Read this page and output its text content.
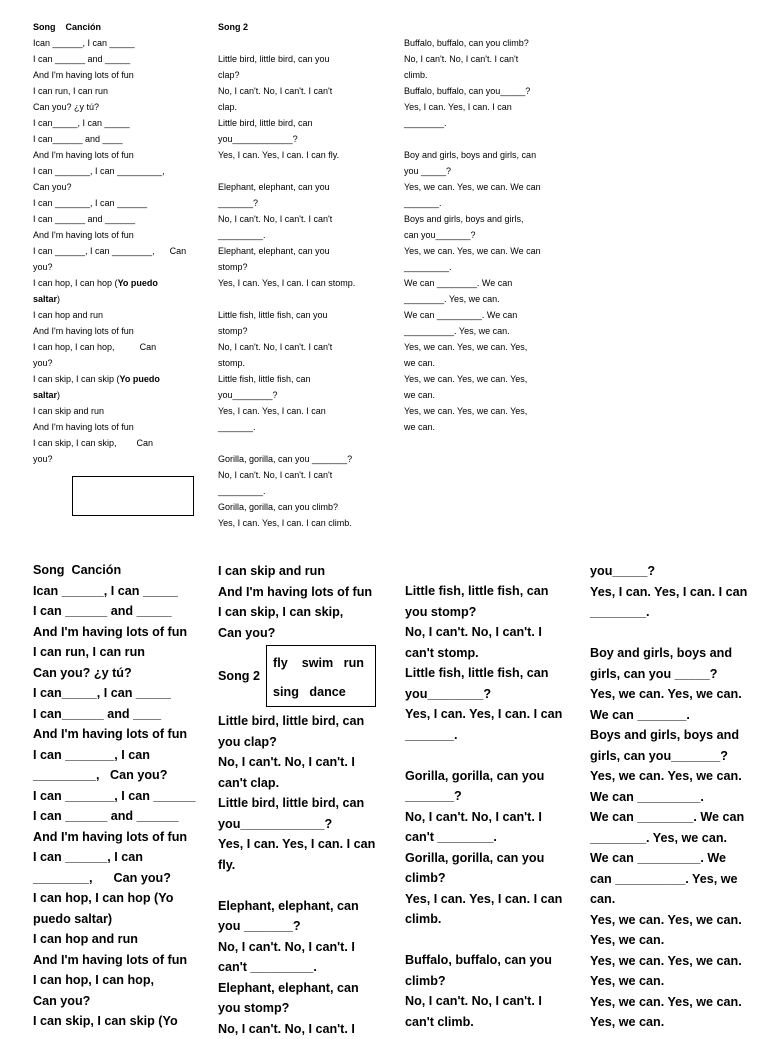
Song    Canción
Ican ______, I can _____
I can ______ and _____
And I'm having lots of fun
I can run, I can run
Can you? ¿y tú?
I can_____, I can _____
I can______ and ____
And I'm having lots of fun
I can _______, I can _________,
Can you?
I can _______, I can ______
I can ______ and ______
And I'm having lots of fun
I can ______, I can ________,      Can
you?
I can hop, I can hop (Yo puedo
saltar)
I can hop and run
And I'm having lots of fun
I can hop, I can hop,          Can
you?
I can skip, I can skip (Yo puedo
saltar)
I can skip and run
And I'm having lots of fun
I can skip, I can skip,        Can
you?
Song 2
Little bird, little bird, can you
clap?
No, I can't. No, I can't. I can't
clap.
Little bird, little bird, can
you____________?
Yes, I can. Yes, I can. I can fly.
Elephant, elephant, can you
_______?
No, I can't. No, I can't. I can't
_________.
Elephant, elephant, can you
stomp?
Yes, I can. Yes, I can. I can stomp.
Little fish, little fish, can you
stomp?
No, I can't. No, I can't. I can't
stomp.
Little fish, little fish, can
you________?
Yes, I can. Yes, I can. I can
_______.
Gorilla, gorilla, can you _______?
No, I can't. No, I can't. I can't
_________.
Gorilla, gorilla, can you climb?
Yes, I can. Yes, I can. I can climb.
Buffalo, buffalo, can you climb?
No, I can't. No, I can't. I can't
climb.
Buffalo, buffalo, can you_____?
Yes, I can. Yes, I can. I can
________.
Boy and girls, boys and girls, can
you _____?
Yes, we can. Yes, we can. We can
_______.
Boys and girls, boys and girls,
can you_______?
Yes, we can. Yes, we can. We can
_________.
We can ________. We can
________. Yes, we can.
We can _________. We can
__________. Yes, we can.
Yes, we can. Yes, we can. Yes,
we can.
Yes, we can. Yes, we can. Yes,
we can.
Yes, we can. Yes, we can. Yes,
we can.
Song  Canción
Ican ______, I can _____
I can ______ and _____
And I'm having lots of fun
I can run, I can run
Can you? ¿y tú?
I can_____, I can _____
I can______ and ____
And I'm having lots of fun
I can _______, I can
_________,   Can you?
I can _______, I can ______
I can ______ and ______
And I'm having lots of fun
I can ______, I can
________,      Can you?
I can hop, I can hop (Yo
puedo saltar)
I can hop and run
And I'm having lots of fun
I can hop, I can hop,
Can you?
I can skip, I can skip (Yo
I can skip and run
And I'm having lots of fun
I can skip, I can skip,
Can you?
Song 2
fly    swim   run
sing   dance
Little bird, little bird, can
you clap?
No, I can't. No, I can't. I
can't clap.
Little bird, little bird, can
you____________?
Yes, I can. Yes, I can. I can
fly.
Elephant, elephant, can
you _______?
No, I can't. No, I can't. I
can't _________.
Elephant, elephant, can
you stomp?
No, I can't. No, I can't. I
Little fish, little fish, can
you stomp?
No, I can't. No, I can't. I
can't stomp.
Little fish, little fish, can
you________?
Yes, I can. Yes, I can. I can
_______.
Gorilla, gorilla, can you
_______?
No, I can't. No, I can't. I
can't ________.
Gorilla, gorilla, can you
climb?
Yes, I can. Yes, I can. I can
climb.
Buffalo, buffalo, can you
climb?
No, I can't. No, I can't. I
can't climb.
you_____?
Yes, I can. Yes, I can. I can
________.
Boy and girls, boys and
girls, can you _____?
Yes, we can. Yes, we can.
We can _______.
Boys and girls, boys and
girls, can you_______?
Yes, we can. Yes, we can.
We can _________.
We can ________. We can
________. Yes, we can.
We can _________. We
can __________. Yes, we
can.
Yes, we can. Yes, we can.
Yes, we can.
Yes, we can. Yes, we can.
Yes, we can.
Yes, we can. Yes, we can.
Yes, we can.
